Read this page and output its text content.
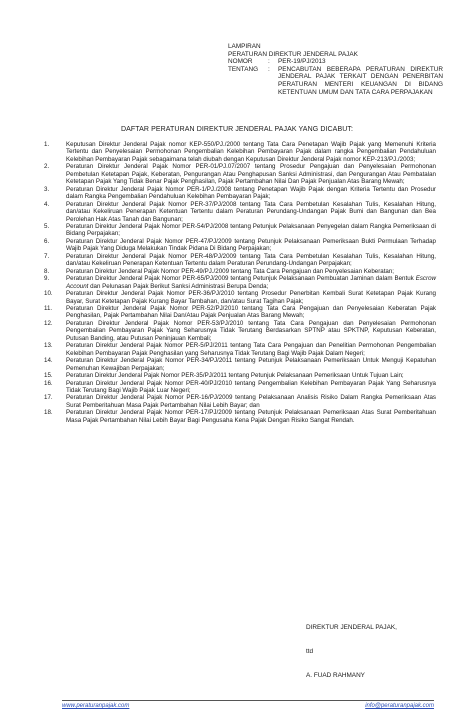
LAMPIRAN
PERATURAN DIREKTUR JENDERAL PAJAK
NOMOR	:	PER-19/PJ/2013
TENTANG	:	PENCABUTAN BEBERAPA PERATURAN DIREKTUR JENDERAL PAJAK TERKAIT DENGAN PENERBITAN PERATURAN MENTERI KEUANGAN DI BIDANG KETENTUAN UMUM DAN TATA CARA PERPAJAKAN
DAFTAR PERATURAN DIREKTUR JENDERAL PAJAK YANG DICABUT:
1.	Keputusan Direktur Jenderal Pajak nomor KEP-550/PJ./2000 tentang Tata Cara Penetapan Wajib Pajak yang Memenuhi Kriteria Tertentu dan Penyelesaian Permohonan Pengembalian Kelebihan Pembayaran Pajak dalam rangka Pengembalian Pendahuluan Kelebihan Pembayaran Pajak sebagaimana telah diubah dengan Keputusan Direktur Jenderal Pajak nomor KEP-213/PJ./2003;
2.	Peraturan Direktur Jenderal Pajak Nomor PER-01/PJ.07/2007 tentang Prosedur Pengajuan dan Penyelesaian Permohonan Pembetulan Ketetapan Pajak, Keberatan, Pengurangan Atau Penghapusan Sanksi Administrasi, dan Pengurangan Atau Pembatalan Ketetapan Pajak Yang Tidak Benar Pajak Penghasilan, Pajak Pertambahan Nilai Dan Pajak Penjualan Atas Barang Mewah;
3.	Peraturan Direktur Jenderal Pajak Nomor PER-1/PJ./2008 tentang Penetapan Wajib Pajak dengan Kriteria Tertentu dan Prosedur dalam Rangka Pengembalian Pendahuluan Kelebihan Pembayaran Pajak;
4.	Peraturan Direktur Jenderal Pajak Nomor PER-37/PJ/2008 tentang Tata Cara Pembetulan Kesalahan Tulis, Kesalahan Hitung, dan/atau Kekeliruan Penerapan Ketentuan Tertentu dalam Peraturan Perundang-Undangan Pajak Bumi dan Bangunan dan Bea Perolehan Hak Atas Tanah dan Bangunan;
5.	Peraturan Direktur Jenderal Pajak Nomor PER-54/PJ/2008 tentang Petunjuk Pelaksanaan Penyegelan dalam Rangka Pemeriksaan di Bidang Perpajakan;
6.	Peraturan Direktur Jenderal Pajak Nomor PER-47/PJ/2009 tentang Petunjuk Pelaksanaan Pemeriksaan Bukti Permulaan Terhadap Wajib Pajak Yang Diduga Melakukan Tindak Pidana Di Bidang Perpajakan;
7.	Peraturan Direktur Jenderal Pajak Nomor PER-48/PJ/2009 tentang Tata Cara Pembetulan Kesalahan Tulis, Kesalahan Hitung, dan/atau Kekeliruan Penerapan Ketentuan Tertentu dalam Peraturan Perundang-Undangan Perpajakan;
8.	Peraturan Direktur Jenderal Pajak Nomor PER-49/PJ./2009 tentang Tata Cara Pengajuan dan Penyelesaian Keberatan;
9.	Peraturan Direktur Jenderal Pajak Nomor PER-65/PJ/2009 tentang Petunjuk Pelaksanaan Pembuatan Jaminan dalam Bentuk Escrow Account dan Pelunasan Pajak Berikut Sanksi Administrasi Berupa Denda;
10.	Peraturan Direktur Jenderal Pajak Nomor PER-36/PJ/2010 tentang Prosedur Penerbitan Kembali Surat Ketetapan Pajak Kurang Bayar, Surat Ketetapan Pajak Kurang Bayar Tambahan, dan/atau Surat Tagihan Pajak;
11.	Peraturan Direktur Jenderal Pajak Nomor PER-52/PJ/2010 tentang Tata Cara Pengajuan dan Penyelesaian Keberatan Pajak Penghasilan, Pajak Pertambahan Nilai Dan/Atau Pajak Penjualan Atas Barang Mewah;
12.	Peraturan Direktur Jenderal Pajak Nomor PER-53/PJ/2010 tentang Tata Cara Pengajuan dan Penyelesaian Permohonan Pengembalian Pembayaran Pajak Yang Seharusnya Tidak Terutang Berdasarkan SPTNP atau SPKTNP, Keputusan Keberatan, Putusan Banding, atau Putusan Peninjauan Kembali;
13.	Peraturan Direktur Jenderal Pajak Nomor PER-5/PJ/2011 tentang Tata Cara Pengajuan dan Penelitian Permohonan Pengembalian Kelebihan Pembayaran Pajak Penghasilan yang Seharusnya Tidak Terutang Bagi Wajib Pajak Dalam Negeri;
14.	Peraturan Direktur Jenderal Pajak Nomor PER-34/PJ/2011 tentang Petunjuk Pelaksanaan Pemeriksaan Untuk Menguji Kepatuhan Pemenuhan Kewajiban Perpajakan;
15.	Peraturan Direktur Jenderal Pajak Nomor PER-35/PJ/2011 tentang Petunjuk Pelaksanaan Pemeriksaan Untuk Tujuan Lain;
16.	Peraturan Direktur Jenderal Pajak Nomor PER-40/PJ/2010 tentang Pengembalian Kelebihan Pembayaran Pajak Yang Seharusnya Tidak Terutang Bagi Wajib Pajak Luar Negeri;
17.	Peraturan Direktur Jenderal Pajak Nomor PER-16/PJ/2009 tentang Pelaksanaan Analisis Risiko Dalam Rangka Pemeriksaan Atas Surat Pemberitahuan Masa Pajak Pertambahan Nilai Lebih Bayar; dan
18.	Peraturan Direktur Jenderal Pajak Nomor PER-17/PJ/2009 tentang Petunjuk Pelaksanaan Pemeriksaan Atas Surat Pemberitahuan Masa Pajak Pertambahan Nilai Lebih Bayar Bagi Pengusaha Kena Pajak Dengan Risiko Sangat Rendah.
DIREKTUR JENDERAL PAJAK,
ttd
A. FUAD RAHMANY
www.peraturanpajak.com	info@peraturanpajak.com
